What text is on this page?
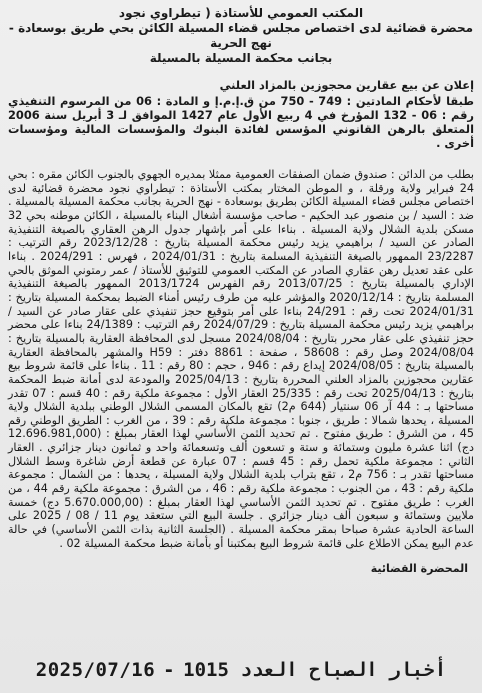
المكتب العمومي للأستاذة ( تيطراوي نجود
محضرة قضائية لدى اختصاص مجلس قضاء المسيلة الكائن بحي طريق بوسعادة - نهج الحرية
بجانب محكمة المسيلة بالمسيلة
إعلان عن بيع عقارين محجوزين بالمزاد العلني
طبقا لأحكام المادتين : 749 - 750 من ق.إ.م.إ و المادة : 06 من المرسوم التنفيذي رقم : 06 - 132 المؤرخ في 4 ربيع الأول عام 1427 الموافق لـ 3 أبريل سنة 2006 المتعلق بالرهن القانوني المؤسس لفائدة البنوك والمؤسسات المالية ومؤسسات أخرى .

بطلب من الدائن : صندوق ضمان الصفقات العمومية ممثلا بمديره الجهوي بالجنوب الكائن مقره : بحي 24 فبراير ولاية ورقلة ، و الموطن المختار بمكتب الأستاذة : تيطراوي نجود محضرة قضائية لدى اختصاص مجلس قضاء المسيلة الكائن بطريق بوسعادة - نهج الحرية بجانب محكمة المسيلة بالمسيلة . ضد : السيد / بن منصور عبد الحكيم - صاحب مؤسسة أشغال البناء بالمسيلة ، الكائن موطنه بحي 32 مسكن بلدية الشلال ولاية المسيلة . بناءا على أمر بإشهار جدول الرهن العقاري بالصيغة التنفيذية الصادر عن السيد / براهيمي يزيد رئيس محكمة المسيلة بتاريخ : 2023/12/28 رقم الترتيب : 23/2287 الممهور بالصيغة التنفيذية المسلمة بتاريخ : 2024/01/31 ، فهرس : 2024/291 . بناءا على عقد تعديل رهن عقاري الصادر عن المكتب العمومي للتوثيق للأستاذ / عمر رمتوني الموثق بالحي الإداري بالمسيلة بتاريخ : 2013/07/25 رقم الفهرس 2013/1724 الممهور بالصيغة التنفيذية المسلمة بتاريخ : 2020/12/14 والمؤشر عليه من طرف رئيس أمناء الضبط بمحكمة المسيلة بتاريخ : 2024/01/31 تحت رقم : 24/291 بناءا على أمر بتوقيع حجز تنفيذي على عقار صادر عن السيد / براهيمي يزيد رئيس محكمة المسيلة بتاريخ : 2024/07/29 رقم الترتيب : 24/1389 بناءا على محضر حجز تنفيذي على عقار محرر بتاريخ : 2024/08/04 مسجل لدى المحافظة العقارية بالمسيلة بتاريخ : 2024/08/04 وصل رقم : 58608 ، صفحة : 8861 دفتر : H59 والمشهر بالمحافظة العقارية بالمسيلة بتاريخ : 2024/08/05 إيداع رقم : 946 ، حجم : 80 رقم : 11 . بناءا على قائمة شروط بيع عقارين محجوزين بالمزاد العلني المحررة بتاريخ : 2025/04/13 والمودعة لدى أمانة ضبط المحكمة بتاريخ : 2025/04/13 تحت رقم : 25/335 العقار الأول : مجموعة ملكية رقم : 40 قسم : 07 تقدر مساحتها بـ : 44 آر 06 سنتيار (644 م2) تقع بالمكان المسمى الشلال الوطني ببلدية الشلال ولاية المسيلة ، يحدها شمالا : طريق ، جنوبا : مجموعة ملكية رقم : 39 ، من الغرب : الطريق الوطني رقم 45 ، من الشرق : طريق مفتوح . تم تحديد الثمن الأساسي لهذا العقار بمبلغ : (12.696.981,000 دج) اثنا عشرة مليون وستمائة و ستة و تسعون ألف وتسعمائة واحد و ثمانون دينار جزائري . العقار الثاني : مجموعة ملكية تحمل رقم : 45 قسم : 07 عبارة عن قطعة أرض شاغرة وسط الشلال مساحتها تقدر بـ : 756 م2 ، تقع بتراب بلدية الشلال ولاية المسيلة ، يحدها : من الشمال : مجموعة ملكية رقم : 43 ، من الجنوب : مجموعة ملكية رقم : 46 ، من الشرق : مجموعة ملكية رقم 44 ، من الغرب : طريق مفتوح . تم تحديد الثمن الأساسي لهذا العقار بمبلغ : (5.670.000,00 دج) خمسة ملايين وستمائة و سبعون ألف دينار جزائري . جلسة البيع التي ستعقد يوم 11 / 08 / 2025 على الساعة الحادية عشرة صباحا بمقر محكمة المسيلة . (الجلسة الثانية بذات الثمن الأساسي) في حالة عدم البيع يمكن الاطلاع على قائمة شروط البيع بمكتبنا أو بأمانة ضبط محكمة المسيلة 02 .

المحضرة القضائية
أخبار الصباح العدد 1015
-
2025/07/16
